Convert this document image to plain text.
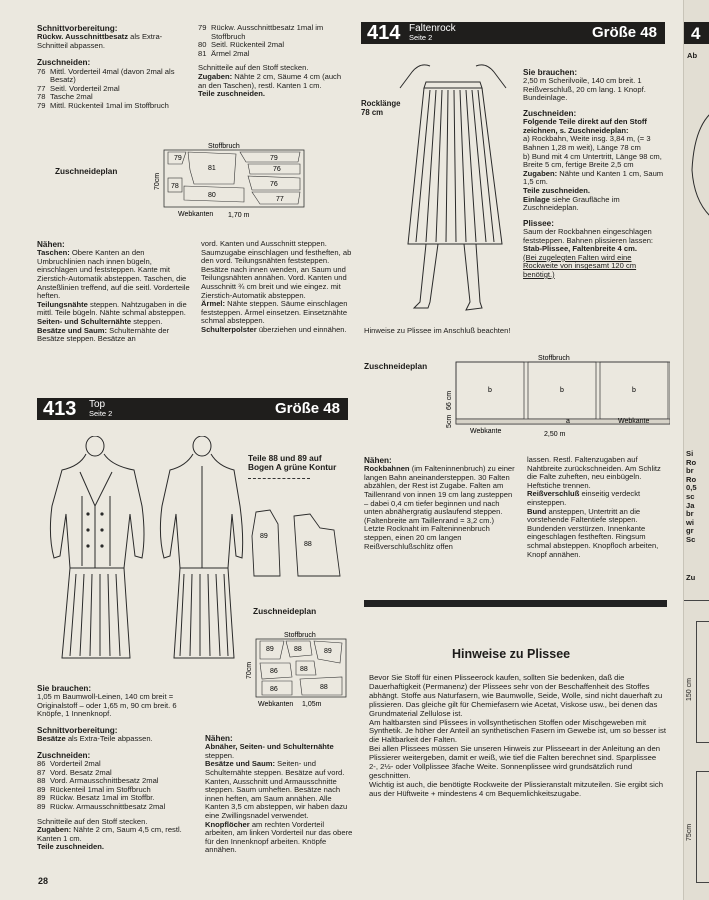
Schnittvorbereitung:

Rückw. Ausschnittbesatz als Extra-Schnitteil abpassen.

Zuschneiden:

76 Mittl. Vorderteil 4mal (davon 2mal als Besatz)
77 Seitl. Vorderteil 2mal
78 Tasche 2mal
79 Mittl. Rückenteil 1mal im Stoffbruch
79 Rückw. Ausschnittbesatz 1mal im Stoffbruch
80 Seitl. Rückenteil 2mal
81 Ärmel 2mal

Schnitteile auf den Stoff stecken.

Zugaben: Nähte 2 cm, Säume 4 cm (auch an den Taschen), restl. Kanten 1 cm.

Teile zuschneiden.

Zuschneideplan
79
81
79
76
78	76
80
77
Stoffbruch
Webkanten 1,70 m
70cm

Nähen:

Taschen: Obere Kanten an den Umbruchlinien nach innen bügeln, einschlagen und feststeppen. Kante mit Zierstich-Automatik absteppen. Taschen, die Ansteßlinien treffend, auf die seitl. Vorderteile heften.

Teilungsnähte steppen. Nahtzugaben in die mittl. Teile bügeln. Nähte schmal absteppen.

Seiten- und Schulternähte steppen.

Besätze und Saum: Schulternähte der Besätze steppen. Besätze an

vord. Kanten und Ausschnitt steppen. Saumzugabe einschlagen und festheften, ab den vord. Teilungsnähten feststeppen. Besätze nach innen wenden, an Saum und Teilungsnähten annähen. Vord. Kanten und Ausschnitt ¾ cm breit und wie eingez. mit Zierstich-Automatik absteppen.

Ärmel: Nähte steppen. Säume einschlagen feststeppen. Ärmel einsetzen. Einsetznähte schmal absteppen.

Schulterpolster überziehen und einnähen.

413 Top
Seite 2	Größe 48
Teile 88 und 89 auf Bogen A grüne Kontur
89
88
Zuschneideplan
89	88	89
86	88
86	88
Stoffbruch
Webkanten 1,05m
70cm

Sie brauchen:

1,05 m Baumwoll-Leinen, 140 cm breit = Originalstoff – oder 1,65 m, 90 cm breit. 6 Knöpfe, 1 Innenknopf.

Schnittvorbereitung:

Besätze als Extra-Teile abpassen.

Zuschneiden:

86 Vorderteil 2mal
87 Vord. Besatz 2mal
88 Vord. Armausschnittbesatz 2mal
89 Rückenteil 1mal im Stoffbruch
89 Rückw. Besatz 1mal im Stoffbr.
89 Rückw. Armausschnittbesatz 2mal

Schnitteile auf den Stoff stecken.

Zugaben: Nähte 2 cm, Saum 4,5 cm, restl. Kanten 1 cm.

Teile zuschneiden.

Nähen:

Abnäher, Seiten- und Schulternähte steppen.

Besätze und Saum: Seiten- und Schulternähte steppen. Besätze auf vord. Kanten, Ausschnitt und Armausschnitte steppen. Saum umheften. Besätze nach innen heften, am Saum annähen. Alle Kanten 3,5 cm absteppen, wir haben dazu eine Zwillingsnadel verwendet.

Knopflöcher am rechten Vorderteil arbeiten, am linken Vorderteil nur das obere für den Innenknopf arbeiten. Knöpfe annähen.

28
414 Faltenrock
Seite 2	Größe 48
Rocklänge
78 cm

Sie brauchen:

2,50 m Scherilvoile, 140 cm breit. 1 Reißverschluß, 20 cm lang. 1 Knopf. Bundeinlage.

Zuschneiden:

Folgende Teile direkt auf den Stoff zeichnen, s. Zuschneideplan:

a) Rockbahn, Weite insg. 3,84 m, (= 3 Bahnen 1,28 m weit), Länge 78 cm

b) Bund mit 4 cm Untertritt, Länge 98 cm, Breite 5 cm, fertige Breite 2,5 cm

Zugaben: Nähte und Kanten 1 cm, Saum 1,5 cm.

Teile zuschneiden.

Einlage siehe Graufläche im Zuschneideplan.

Plissee:

Saum der Rockbahnen eingeschlagen feststeppen. Bahnen plissieren lassen:

Stab-Plissee, Faltenbreite 4 cm.

(Bei zugelegten Falten wird eine Rockweite von insgesamt 120 cm benötigt.)

Hinweise zu Plissee im Anschluß beachten!
Zuschneideplan
b	b	b
a
Stoffbruch
Webkante
Webkante
2,50 m
66 cm
5cm

Nähen:

Rockbahnen (im Falteninnenbruch) zu einer langen Bahn aneinandersteppen. 30 Falten abzählen, der Rest ist Zugabe. Falten am Taillenrand von innen 19 cm lang zusteppen – dabei 0,4 cm tiefer beginnen und nach unten abnähergratig auslaufend steppen. (Faltenbreite am Taillenrand = 3,2 cm.) Letzte Rocknaht im Falteninnenbruch steppen, einen 20 cm langen Reißverschlußschlitz offen

lassen. Restl. Faltenzugaben auf Nahtbreite zurückschneiden. Am Schlitz die Falte zuheften, neu einbügeln. Heftstiche trennen.

Reißverschluß einseitig verdeckt einsteppen.

Bund ansteppen, Untertritt an die vorstehende Faltentiefe steppen. Bundenden verstürzen. Innenkante eingeschlagen festheften. Ringsum schmal absteppen. Knopfloch arbeiten, Knopf annähen.

Hinweise zu Plissee

Bevor Sie Stoff für einen Plisseerock kaufen, sollten Sie bedenken, daß die Dauerhaftigkeit (Permanenz) der Plissees sehr von der Beschaffenheit des Stoffes abhängt. Stoffe aus Naturfasern, wie Baumwolle, Seide, Wolle, sind nicht dauerhaft zu plissieren. Das gleiche gilt für Chemiefasern wie Acetat, Viskose usw., bei denen das Grundmaterial Zellulose ist.

Am haltbarsten sind Plissees in vollsynthetischen Stoffen oder Mischgeweben mit Synthetik. Je höher der Anteil an synthetischen Fasern im Gewebe ist, um so besser ist die Haltbarkeit der Falten.

Bei allen Plissees müssen Sie unseren Hinweis zur Plisseeart in der Anleitung an den Plissierer weitergeben, damit er weiß, wie tief die Falten berechnet sind. Sparplissee 2-, 2½- oder Vollplissee 3fache Weite. Sonnenplissee wird grundsätzlich rund geschnitten.

Wichtig ist auch, die benötigte Rockweite der Plissieranstalt mitzuteilen. Sie ergibt sich aus der Hüftweite + mindestens 4 cm Bequemlichkeitszugabe.

4
Ab
Si
Ro
br
Ro
0,5
sc
Ja
br
wi
gr
Sc
Zu
150 cm
75cm
